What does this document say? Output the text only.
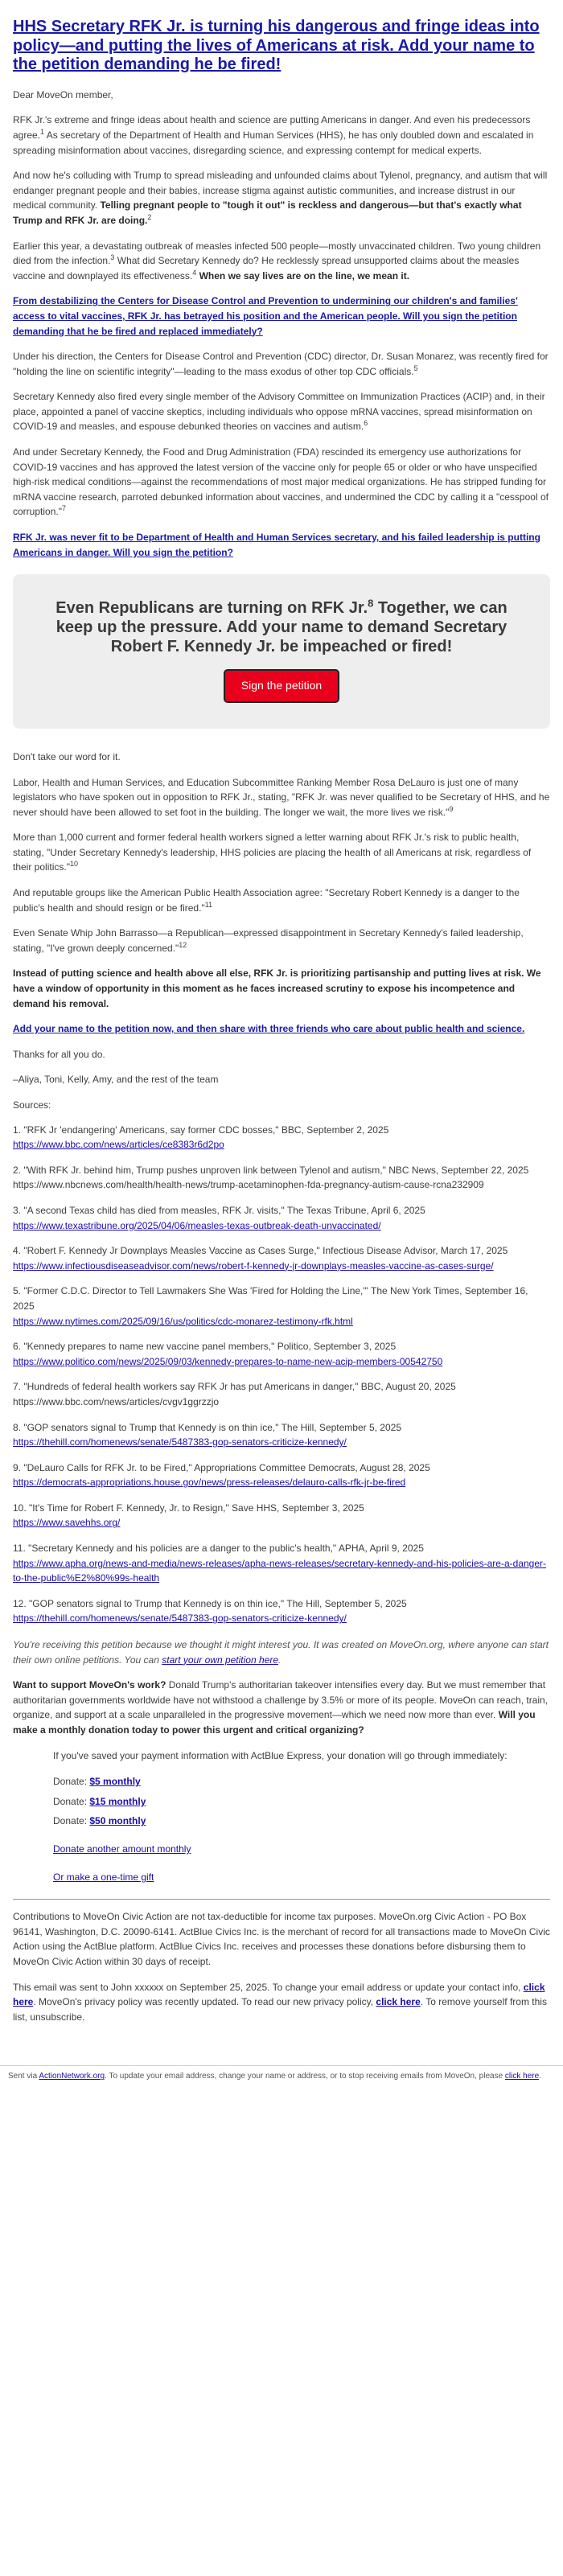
HHS Secretary RFK Jr. is turning his dangerous and fringe ideas into policy—and putting the lives of Americans at risk. Add your name to the petition demanding he be fired!

Dear MoveOn member,

RFK Jr.'s extreme and fringe ideas about health and science are putting Americans in danger. And even his predecessors agree.$^1$ As secretary of the Department of Health and Human Services (HHS), he has only doubled down and escalated in spreading misinformation about vaccines, disregarding science, and expressing contempt for medical experts.

And now he's colluding with Trump to spread misleading and unfounded claims about Tylenol, pregnancy, and autism that will endanger pregnant people and their babies, increase stigma against autistic communities, and increase distrust in our medical community. Telling pregnant people to "tough it out" is reckless and dangerous—but that's exactly what Trump and RFK Jr. are doing.$^2$

Earlier this year, a devastating outbreak of measles infected 500 people—mostly unvaccinated children. Two young children died from the infection.$^3$ What did Secretary Kennedy do? He recklessly spread unsupported claims about the measles vaccine and downplayed its effectiveness.$^4$ When we say lives are on the line, we mean it.

From destabilizing the Centers for Disease Control and Prevention to undermining our children's and families' access to vital vaccines, RFK Jr. has betrayed his position and the American people. Will you sign the petition demanding that he be fired and replaced immediately?

Under his direction, the Centers for Disease Control and Prevention (CDC) director, Dr. Susan Monarez, was recently fired for "holding the line on scientific integrity"—leading to the mass exodus of other top CDC officials.$^5$

Secretary Kennedy also fired every single member of the Advisory Committee on Immunization Practices (ACIP) and, in their place, appointed a panel of vaccine skeptics, including individuals who oppose mRNA vaccines, spread misinformation on COVID-19 and measles, and espouse debunked theories on vaccines and autism.$^6$

And under Secretary Kennedy, the Food and Drug Administration (FDA) rescinded its emergency use authorizations for COVID-19 vaccines and has approved the latest version of the vaccine only for people 65 or older or who have unspecified high-risk medical conditions—against the recommendations of most major medical organizations. He has stripped funding for mRNA vaccine research, parroted debunked information about vaccines, and undermined the CDC by calling it a "cesspool of corruption."$^7$

RFK Jr. was never fit to be Department of Health and Human Services secretary, and his failed leadership is putting Americans in danger. Will you sign the petition?

Even Republicans are turning on RFK Jr.$^8$ Together, we can keep up the pressure. Add your name to demand Secretary Robert F. Kennedy Jr. be impeached or fired!
Sign the petition

Don't take our word for it.

Labor, Health and Human Services, and Education Subcommittee Ranking Member Rosa DeLauro is just one of many legislators who have spoken out in opposition to RFK Jr., stating, "RFK Jr. was never qualified to be Secretary of HHS, and he never should have been allowed to set foot in the building. The longer we wait, the more lives we risk."$^9$

More than 1,000 current and former federal health workers signed a letter warning about RFK Jr.'s risk to public health, stating, "Under Secretary Kennedy's leadership, HHS policies are placing the health of all Americans at risk, regardless of their politics."$^{10}$

And reputable groups like the American Public Health Association agree: "Secretary Robert Kennedy is a danger to the public's health and should resign or be fired."$^{11}$

Even Senate Whip John Barrasso—a Republican—expressed disappointment in Secretary Kennedy's failed leadership, stating, "I've grown deeply concerned."$^{12}$

Instead of putting science and health above all else, RFK Jr. is prioritizing partisanship and putting lives at risk. We have a window of opportunity in this moment as he faces increased scrutiny to expose his incompetence and demand his removal.

Add your name to the petition now, and then share with three friends who care about public health and science.

Thanks for all you do.

–Aliya, Toni, Kelly, Amy, and the rest of the team

Sources:

1. "RFK Jr 'endangering' Americans, say former CDC bosses," BBC, September 2, 2025
https://www.bbc.com/news/articles/ce8383r6d2po
2. "With RFK Jr. behind him, Trump pushes unproven link between Tylenol and autism," NBC News, September 22, 2025
https://www.nbcnews.com/health/health-news/trump-acetaminophen-fda-pregnancy-autism-cause-rcna232909
3. "A second Texas child has died from measles, RFK Jr. visits," The Texas Tribune, April 6, 2025
https://www.texastribune.org/2025/04/06/measles-texas-outbreak-death-unvaccinated/
4. "Robert F. Kennedy Jr Downplays Measles Vaccine as Cases Surge," Infectious Disease Advisor, March 17, 2025
https://www.infectiousdiseaseadvisor.com/news/robert-f-kennedy-jr-downplays-measles-vaccine-as-cases-surge/
5. "Former C.D.C. Director to Tell Lawmakers She Was 'Fired for Holding the Line,'" The New York Times, September 16, 2025
https://www.nytimes.com/2025/09/16/us/politics/cdc-monarez-testimony-rfk.html
6. "Kennedy prepares to name new vaccine panel members," Politico, September 3, 2025
https://www.politico.com/news/2025/09/03/kennedy-prepares-to-name-new-acip-members-00542750
7. "Hundreds of federal health workers say RFK Jr has put Americans in danger," BBC, August 20, 2025
https://www.bbc.com/news/articles/cvgv1ggrzzjo
8. "GOP senators signal to Trump that Kennedy is on thin ice," The Hill, September 5, 2025
https://thehill.com/homenews/senate/5487383-gop-senators-criticize-kennedy/
9. "DeLauro Calls for RFK Jr. to be Fired," Appropriations Committee Democrats, August 28, 2025
https://democrats-appropriations.house.gov/news/press-releases/delauro-calls-rfk-jr-be-fired
10. "It's Time for Robert F. Kennedy, Jr. to Resign," Save HHS, September 3, 2025
https://www.savehhs.org/
11. "Secretary Kennedy and his policies are a danger to the public's health," APHA, April 9, 2025
https://www.apha.org/news-and-media/news-releases/apha-news-releases/secretary-kennedy-and-his-policies-are-a-danger-to-the-public%E2%80%99s-health
12. "GOP senators signal to Trump that Kennedy is on thin ice," The Hill, September 5, 2025
https://thehill.com/homenews/senate/5487383-gop-senators-criticize-kennedy/

You're receiving this petition because we thought it might interest you. It was created on MoveOn.org, where anyone can start their own online petitions. You can start your own petition here.

Want to support MoveOn's work? Donald Trump's authoritarian takeover intensifies every day. But we must remember that authoritarian governments worldwide have not withstood a challenge by 3.5% or more of its people. MoveOn can reach, train, organize, and support at a scale unparalleled in the progressive movement—which we need now more than ever. Will you make a monthly donation today to power this urgent and critical organizing?

If you've saved your payment information with ActBlue Express, your donation will go through immediately:

Donate: $5 monthly
Donate: $15 monthly
Donate: $50 monthly
Donate another amount monthly
Or make a one-time gift

Contributions to MoveOn Civic Action are not tax-deductible for income tax purposes. MoveOn.org Civic Action - PO Box 96141, Washington, D.C. 20090-6141. ActBlue Civics Inc. is the merchant of record for all transactions made to MoveOn Civic Action using the ActBlue platform. ActBlue Civics Inc. receives and processes these donations before disbursing them to MoveOn Civic Action within 30 days of receipt.

This email was sent to John xxxxxx on September 25, 2025. To change your email address or update your contact info, click here. MoveOn's privacy policy was recently updated. To read our new privacy policy, click here. To remove yourself from this list, unsubscribe.

Sent via ActionNetwork.org. To update your email address, change your name or address, or to stop receiving emails from MoveOn, please click here.
